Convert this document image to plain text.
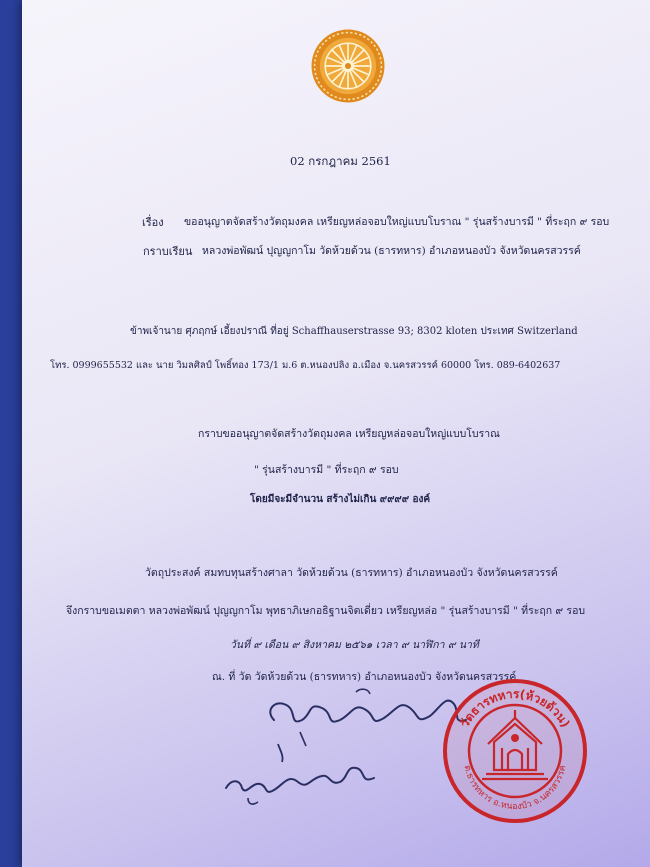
02 กรกฎาคม 2561
เรื่อง ขออนุญาตจัดสร้างวัตถุมงคล เหรียญหล่อจอบใหญ่แบบโบราณ " รุ่นสร้างบารมี " ที่ระฤก ๙ รอบ
กราบเรียน หลวงพ่อพัฒน์ ปุญญกาโม วัดห้วยด้วน (ธารทหาร) อำเภอหนองบัว จังหวัดนครสวรรค์
ข้าพเจ้านาย ศุภฤกษ์ เอี้ยงปราณี ที่อยู่ Schaffhauserstrasse 93; 8302 kloten ประเทศ Switzerland
โทร. 0999655532 และ นาย วิมลศิลป์ โพธิ์ทอง 173/1 ม.6 ต.หนองปลิง อ.เมือง จ.นครสวรรค์ 60000 โทร. 089-6402637
กราบขออนุญาตจัดสร้างวัตถุมงคล เหรียญหล่อจอบใหญ่แบบโบราณ
" รุ่นสร้างบารมี " ที่ระฤก ๙ รอบ
โดยมีจะมีจำนวน สร้างไม่เกิน ๙๙๙๙ องค์
วัตถุประสงค์ สมทบทุนสร้างศาลา วัดห้วยด้วน (ธารทหาร) อำเภอหนองบัว จังหวัดนครสวรรค์
จึงกราบขอเมตตา หลวงพ่อพัฒน์ ปุญญกาโม พุทธาภิเษกอธิฐานจิตเดี่ยว เหรียญหล่อ " รุ่นสร้างบารมี " ที่ระฤก ๙ รอบ
วันที่ ๙ เดือน ๙ สิงหาคม ๒๕๖๑ เวลา ๙ นาฬิกา ๙ นาที
ณ. ที่ วัด วัดห้วยด้วน (ธารทหาร) อำเภอหนองบัว จังหวัดนครสวรรค์
วัดธารทหาร(ห้วยด้วน)
ต.ธารทหาร อ.หนองบัว จ.นครสวรรค์
